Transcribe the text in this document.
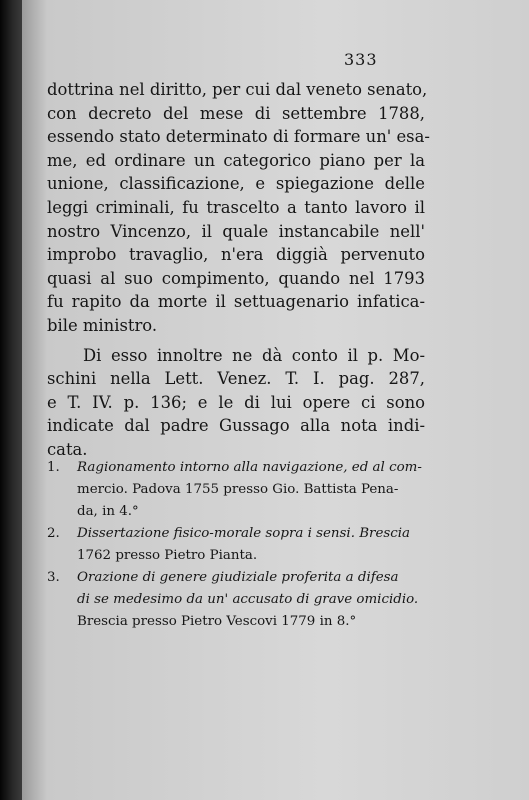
333
dottrina nel diritto, per cui dal veneto senato,
con decreto del mese di settembre 1788,
essendo stato determinato di formare un' esa-
me, ed ordinare un categorico piano per la
unione, classificazione, e spiegazione delle
leggi criminali, fu trascelto a tanto lavoro il
nostro Vincenzo, il quale instancabile nell'
improbo travaglio, n'era diggià pervenuto
quasi al suo compimento, quando nel 1793
fu rapito da morte il settuagenario infatica-
bile ministro.
Di esso innoltre ne dà conto il p. Mo-
schini nella Lett. Venez. T. I. pag. 287,
e T. IV. p. 136; e le di lui opere ci sono
indicate dal padre Gussago alla nota indi-
cata.
1. Ragionamento intorno alla navigazione, ed al com-
mercio. Padova 1755 presso Gio. Battista Pena-
da, in 4.°
2. Dissertazione fisico-morale sopra i sensi. Brescia
1762 presso Pietro Pianta.
3. Orazione di genere giudiziale proferita a difesa
di se medesimo da un' accusato di grave omicidio.
Brescia presso Pietro Vescovi 1779 in 8.°
